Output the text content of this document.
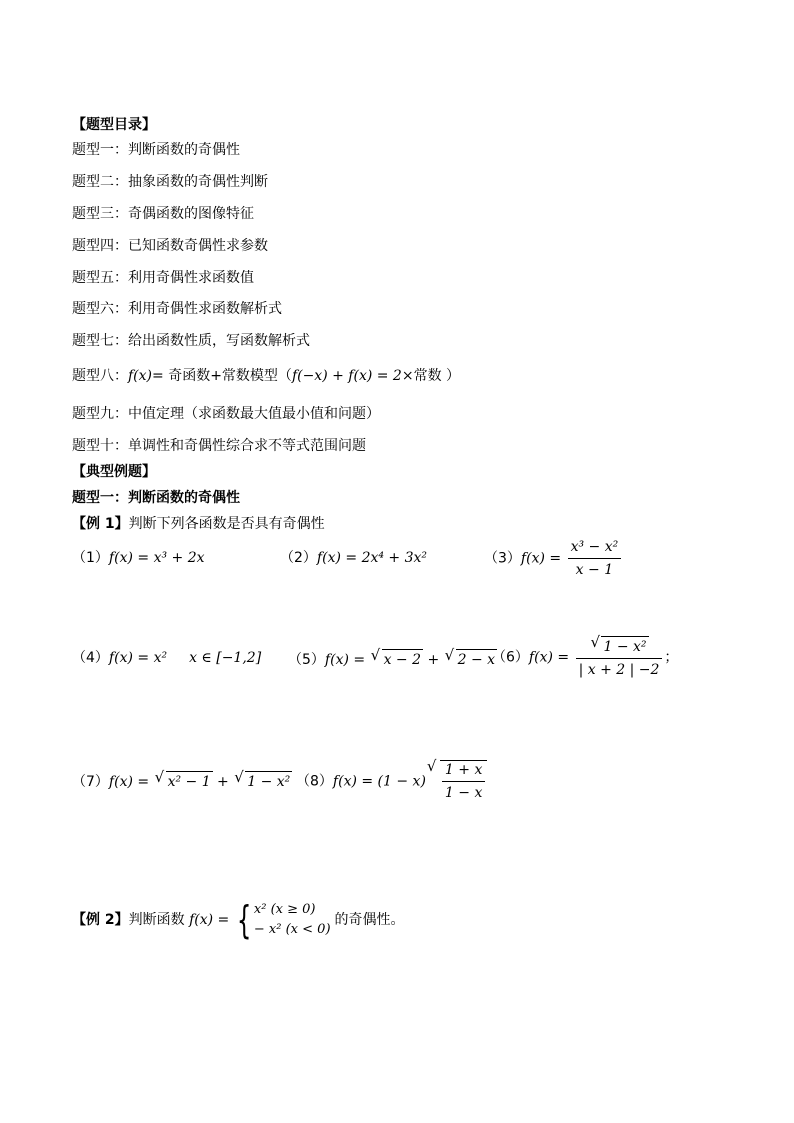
【题型目录】
题型一：判断函数的奇偶性
题型二：抽象函数的奇偶性判断
题型三：奇偶函数的图像特征
题型四：已知函数奇偶性求参数
题型五：利用奇偶性求函数值
题型六：利用奇偶性求函数解析式
题型七：给出函数性质，写函数解析式
题型八：f(x)= 奇函数+常数模型（f(−x) + f(x) = 2×常数 ）
题型九：中值定理（求函数最大值最小值和问题）
题型十：单调性和奇偶性综合求不等式范围问题
【典型例题】
题型一：判断函数的奇偶性
【例 1】判断下列各函数是否具有奇偶性
（1）f(x) = x³ + 2x	（2）f(x) = 2x⁴ + 3x²	$(3)f(x) = \frac{\text{x³ − x²}}{x - 1}$
（4）f(x) = x² x ∈ [−1,2] （5）f(x) = √ x − 2 + √ 2 − x
（6）f(x) = √ $\frac{\text{1 − x²}}{| x + 2 | -2}$ ；
（7）f(x) = √ x² − 1 + √ 1 − x² （8）f(x) = (1 − x) √ $\frac{1 + x}{1 - x}$
【例 2】判断函数 f(x) = { x² (x ≥ 0)
− x² (x < 0)
的奇偶性。
